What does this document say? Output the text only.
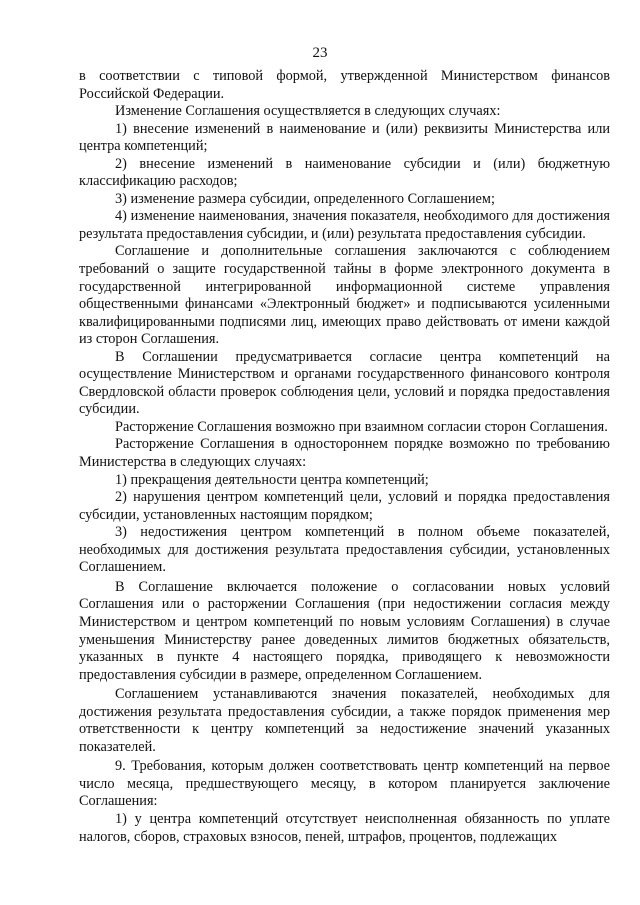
23

в соответствии с типовой формой, утвержденной Министерством финансов Российской Федерации.

Изменение Соглашения осуществляется в следующих случаях:

1) внесение изменений в наименование и (или) реквизиты Министерства или центра компетенций;

2) внесение изменений в наименование субсидии и (или) бюджетную классификацию расходов;

3) изменение размера субсидии, определенного Соглашением;

4) изменение наименования, значения показателя, необходимого для достижения результата предоставления субсидии, и (или) результата предоставления субсидии.

Соглашение и дополнительные соглашения заключаются с соблюдением требований о защите государственной тайны в форме электронного документа в государственной интегрированной информационной системе управления общественными финансами «Электронный бюджет» и подписываются усиленными квалифицированными подписями лиц, имеющих право действовать от имени каждой из сторон Соглашения.

В Соглашении предусматривается согласие центра компетенций на осуществление Министерством и органами государственного финансового контроля Свердловской области проверок соблюдения цели, условий и порядка предоставления субсидии.

Расторжение Соглашения возможно при взаимном согласии сторон Соглашения.

Расторжение Соглашения в одностороннем порядке возможно по требованию Министерства в следующих случаях:

1) прекращения деятельности центра компетенций;

2) нарушения центром компетенций цели, условий и порядка предоставления субсидии, установленных настоящим порядком;

3) недостижения центром компетенций в полном объеме показателей, необходимых для достижения результата предоставления субсидии, установленных Соглашением.

В Соглашение включается положение о согласовании новых условий Соглашения или о расторжении Соглашения (при недостижении согласия между Министерством и центром компетенций по новым условиям Соглашения) в случае уменьшения Министерству ранее доведенных лимитов бюджетных обязательств, указанных в пункте 4 настоящего порядка, приводящего к невозможности предоставления субсидии в размере, определенном Соглашением.

Соглашением устанавливаются значения показателей, необходимых для достижения результата предоставления субсидии, а также порядок применения мер ответственности к центру компетенций за недостижение значений указанных показателей.

9. Требования, которым должен соответствовать центр компетенций на первое число месяца, предшествующего месяцу, в котором планируется заключение Соглашения:

1) у центра компетенций отсутствует неисполненная обязанность по уплате налогов, сборов, страховых взносов, пеней, штрафов, процентов, подлежащих
